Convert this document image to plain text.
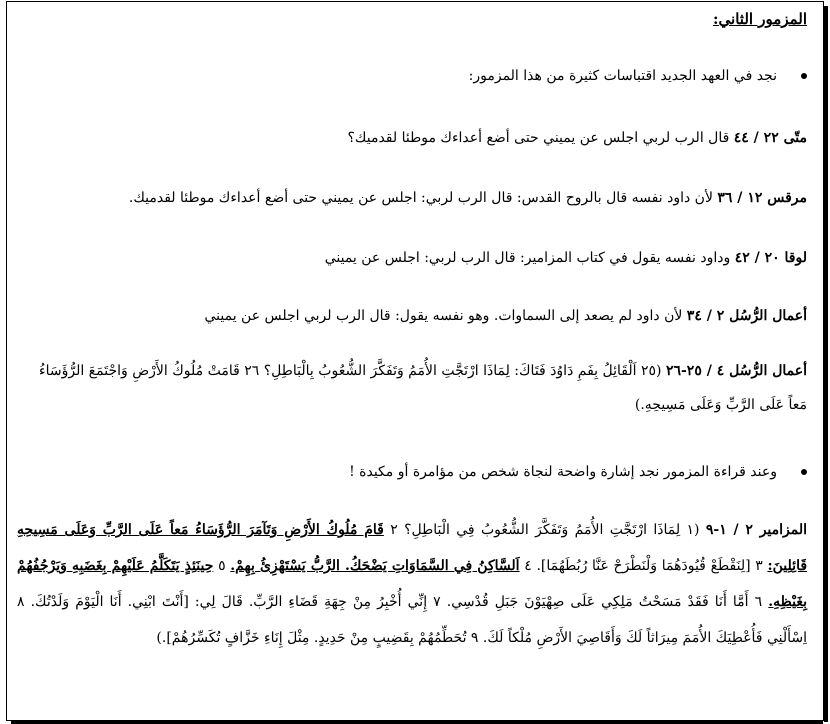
المزمور الثاني:
نجد في العهد الجديد اقتباسات كثيرة من هذا المزمور:
متّى ٢٢ / ٤٤ قال الرب لربي اجلس عن يميني حتى أضع أعداءك موطئا لقدميك؟
مرقس ١٢ / ٣٦ لأن داود نفسه قال بالروح القدس: قال الرب لربي: اجلس عن يميني حتى أضع أعداءك موطئا لقدميك.
لوقا ٢٠ / ٤٢ وداود نفسه يقول في كتاب المزامير: قال الرب لربي: اجلس عن يميني
أعمال الرُّسُل ٢ / ٣٤ لأن داود لم يصعد إلى السماوات. وهو نفسه يقول: قال الرب لربي اجلس عن يميني
أعمال الرُّسُل ٤ / ٢٥-٢٦ (٢٥ اَلْقَائِلُ بِفَمِ دَاوُدَ فَتَاكَ: لِمَاذَا ارْتَجَّتِ الأُمَمُ وَتَفَكَّرَ الشُّعُوبُ بِالْبَاطِلِ؟ ٢٦ قَامَتْ مُلُوكُ الأَرْضِ وَاجْتَمَعَ الرُّؤَسَاءُ مَعاً عَلَى الرَّبِّ وَعَلَى مَسِيحِهِ.)
وعند قراءة المزمور نجد إشارة واضحة لنجاة شخص من مؤامرة أو مكيدة !
المزامير ٢ / ١-٩ (١ لِمَاذَا ارْتَجَّتِ الأُمَمُ وَتَفَكَّرَ الشُّعُوبُ فِي الْبَاطِلِ؟ ٢ قَامَ مُلُوكُ الأَرْضِ وَتَآمَرَ الرُّؤَسَاءُ مَعاً عَلَى الرَّبِّ وَعَلَى مَسِيحِهِ قَائِلِينَ: ٣ [لِنَقْطَعْ قُيُودَهُمَا وَلْنَطْرَحْ عَنَّا رُبُطَهُمَا]. ٤ اَلسَّاكِنُ فِي السَّمَاوَاتِ يَضْحَكُ. الرَّبُّ يَسْتَهْزِئُ بِهِمْ. ٥ حِينَئِذٍ يَتَكَلَّمُ عَلَيْهِمْ بِغَضَبِهِ وَيَرْجُفُهُمْ بِغَيْظِهِ. ٦ أَمَّا أَنَا فَقَدْ مَسَحْتُ مَلِكِي عَلَى صِهْيَوْنَ جَبَلِ قُدْسِي. ٧ إِنِّي أُخْبِرُ مِنْ جِهَةِ قَضَاءِ الرَّبِّ. قَالَ لِي: [أَنْتَ ابْنِي. أَنَا الْيَوْمَ وَلَدْتُكَ. ٨ اِسْأَلْنِي فَأُعْطِيَكَ الأُمَمَ مِيرَاثاً لَكَ وَأَقَاصِيَ الأَرْضِ مُلْكاً لَكَ. ٩ تُحَطِّمُهُمْ بِقَضِيبٍ مِنْ حَدِيدٍ. مِثْلَ إِنَاءِ خَزَّافٍ تُكَسِّرُهُمْ].)
